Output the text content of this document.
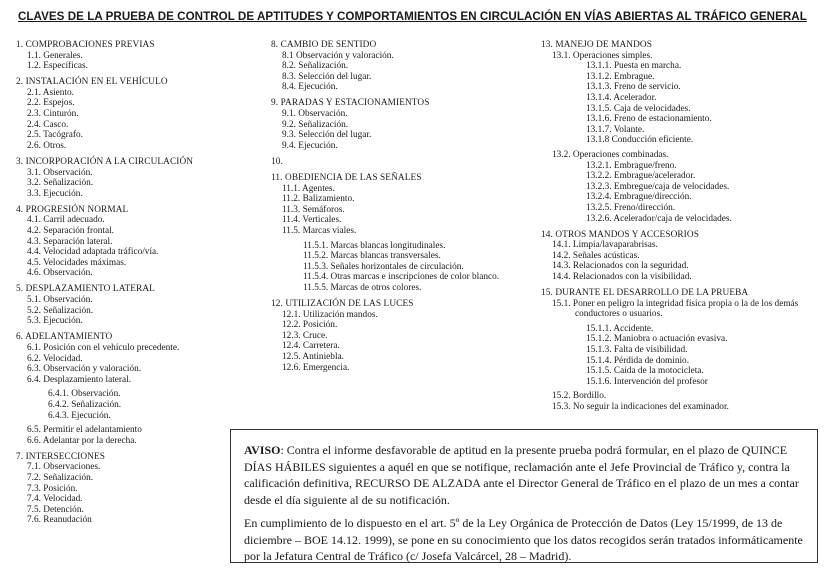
CLAVES DE LA PRUEBA DE CONTROL DE APTITUDES Y COMPORTAMIENTOS EN CIRCULACIÓN EN VÍAS ABIERTAS AL TRÁFICO GENERAL
1. COMPROBACIONES PREVIAS
1.1. Generales.
1.2. Específicas.
2. INSTALACIÓN EN EL VEHÍCULO
2.1. Asiento.
2.2. Espejos.
2.3. Cinturón.
2.4. Casco.
2.5. Tacógrafo.
2.6. Otros.
3. INCORPORACIÓN A LA CIRCULACIÓN
3.1. Observación.
3.2. Señalización.
3.3. Ejecución.
4. PROGRESIÓN NORMAL
4.1. Carril adecuado.
4.2. Separación frontal.
4.3. Separación lateral.
4.4. Velocidad adaptada tráfico/vía.
4.5. Velocidades máximas.
4.6. Observación.
5. DESPLAZAMIENTO LATERAL
5.1. Observación.
5.2. Señalización.
5.3. Ejecución.
6. ADELANTAMIENTO
6.1. Posición con el vehículo precedente.
6.2. Velocidad.
6.3. Observación y valoración.
6.4. Desplazamiento lateral.
6.4.1. Observación.
6.4.2. Señalización.
6.4.3. Ejecución.
6.5. Permitir el adelantamiento
6.6. Adelantar por la derecha.
7. INTERSECCIONES
7.1. Observaciones.
7.2. Señalización.
7.3. Posición.
7.4. Velocidad.
7.5. Detención.
7.6. Reanudación
8. CAMBIO DE SENTIDO
8.1 Observación y valoración.
8.2. Señalización.
8.3. Selección del lugar.
8.4. Ejecución.
9. PARADAS Y ESTACIONAMIENTOS
9.1. Observación.
9.2. Señalización.
9.3. Selección del lugar.
9.4. Ejecución.
10.
11. OBEDIENCIA DE LAS SEÑALES
11.1. Agentes.
11.2. Balizamiento.
11.3. Semáforos.
11.4. Verticales.
11.5. Marcas viales.
11.5.1. Marcas blancas longitudinales.
11.5.2. Marcas blancas transversales.
11.5.3. Señales horizontales de circulación.
11.5.4. Otras marcas e inscripciones de color blanco.
11.5.5. Marcas de otros colores.
12. UTILIZACIÓN DE LAS LUCES
12.1. Utilización mandos.
12.2. Posición.
12.3. Cruce.
12.4. Carretera.
12.5. Antiniebla.
12.6. Emergencia.
13. MANEJO DE MANDOS
13.1. Operaciones simples.
13.1.1. Puesta en marcha.
13.1.2. Embrague.
13.1.3. Freno de servicio.
13.1.4. Acelerador.
13.1.5. Caja de velocidades.
13.1.6. Freno de estacionamiento.
13.1.7. Volante.
13.1.8 Conducción eficiente.
13.2. Operaciones combinadas.
13.2.1. Embrague/freno.
13.2.2. Embrague/acelerador.
13.2.3. Embregue/caja de velocidades.
13.2.4. Embrague/dirección.
13.2.5. Freno/dirección.
13.2.6. Acelerador/caja de velocidades.
14. OTROS MANDOS Y ACCESORIOS
14.1. Limpia/lavaparabrisas.
14.2. Señales acústicas.
14.3. Relacionados con la seguridad.
14.4. Relacionados con la visibilidad.
15. DURANTE EL DESARROLLO DE LA PRUEBA
15.1. Poner en peligro la integridad física propia o la de los demás conductores o usuarios.
15.1.1. Accidente.
15.1.2. Maniobra o actuación evasiva.
15.1.3. Falta de visibilidad.
15.1.4. Pérdida de dominio.
15.1.5. Caída de la motocicleta.
15.1.6. Intervención del profesor
15.2. Bordillo.
15.3. No seguir la indicaciones del examinador.

AVISO: Contra el informe desfavorable de aptitud en la presente prueba podrá formular, en el plazo de QUINCE DÍAS HÁBILES siguientes a aquél en que se notifique, reclamación ante el Jefe Provincial de Tráfico y, contra la calificación definitiva, RECURSO DE ALZADA ante el Director General de Tráfico en el plazo de un mes a contar desde el día siguiente al de su notificación.

En cumplimiento de lo dispuesto en el art. 5º de la Ley Orgánica de Protección de Datos (Ley 15/1999, de 13 de diciembre – BOE 14.12. 1999), se pone en su conocimiento que los datos recogidos serán tratados informáticamente por la Jefatura Central de Tráfico (c/ Josefa Valcárcel, 28 – Madrid).
